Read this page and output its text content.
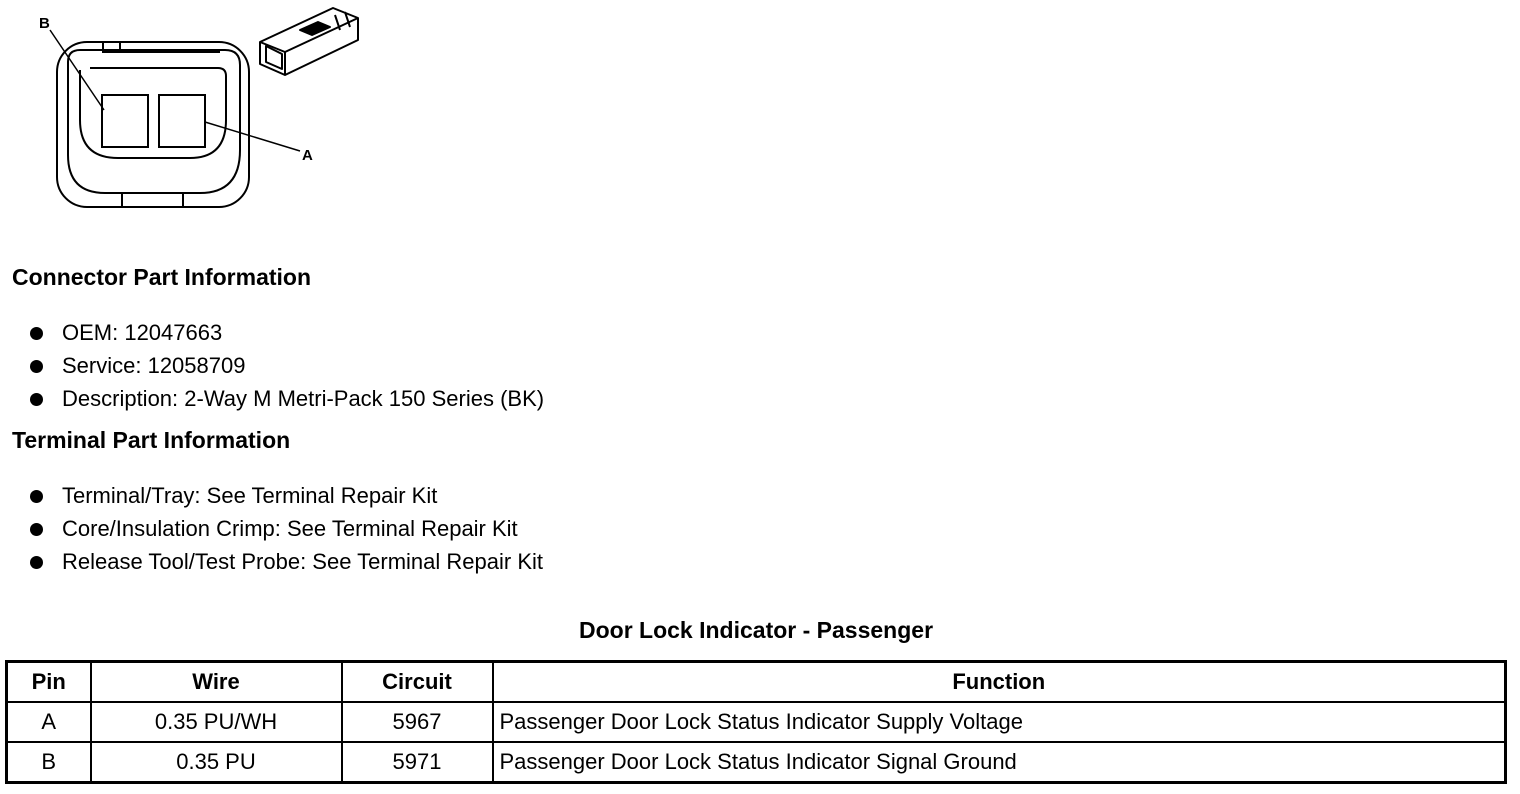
B
A
Connector Part Information
OEM: 12047663
Service: 12058709
Description: 2-Way M Metri-Pack 150 Series (BK)
Terminal Part Information
Terminal/Tray: See Terminal Repair Kit
Core/Insulation Crimp: See Terminal Repair Kit
Release Tool/Test Probe: See Terminal Repair Kit
Door Lock Indicator - Passenger
Pin	Wire	Circuit	Function
A	0.35 PU/WH	5967	Passenger Door Lock Status Indicator Supply Voltage
B	0.35 PU	5971	Passenger Door Lock Status Indicator Signal Ground
